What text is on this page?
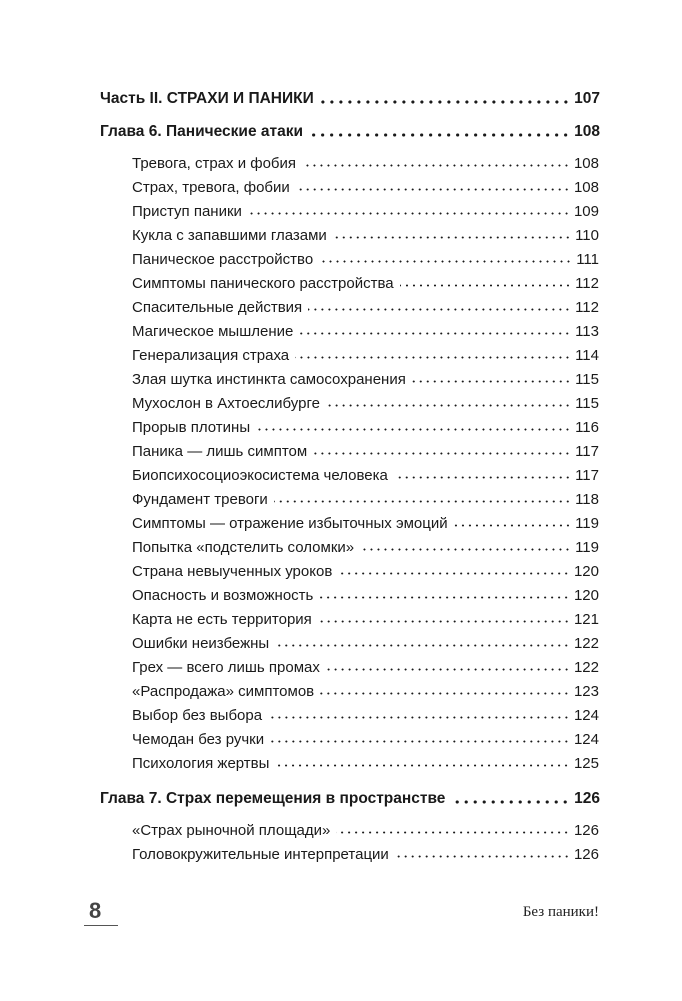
Часть II. СТРАХИ И ПАНИКИ	107
Глава 6. Панические атаки	108
Тревога, страх и фобия	108
Страх, тревога, фобии	108
Приступ паники	109
Кукла с запавшими глазами	110
Паническое расстройство	111
Симптомы панического расстройства	112
Спасительные действия	112
Магическое мышление	113
Генерализация страха	114
Злая шутка инстинкта самосохранения	115
Мухослон в Ахтоеслибурге	115
Прорыв плотины	116
Паника — лишь симптом	117
Биопсихосоциоэкосистема человека	117
Фундамент тревоги	118
Симптомы — отражение избыточных эмоций	119
Попытка «подстелить соломки»	119
Страна невыученных уроков	120
Опасность и возможность	120
Карта не есть территория	121
Ошибки неизбежны	122
Грех — всего лишь промах	122
«Распродажа» симптомов	123
Выбор без выбора	124
Чемодан без ручки	124
Психология жертвы	125
Глава 7. Страх перемещения в пространстве	126
«Страх рыночной площади»	126
Головокружительные интерпретации	126
8	Без паники!
